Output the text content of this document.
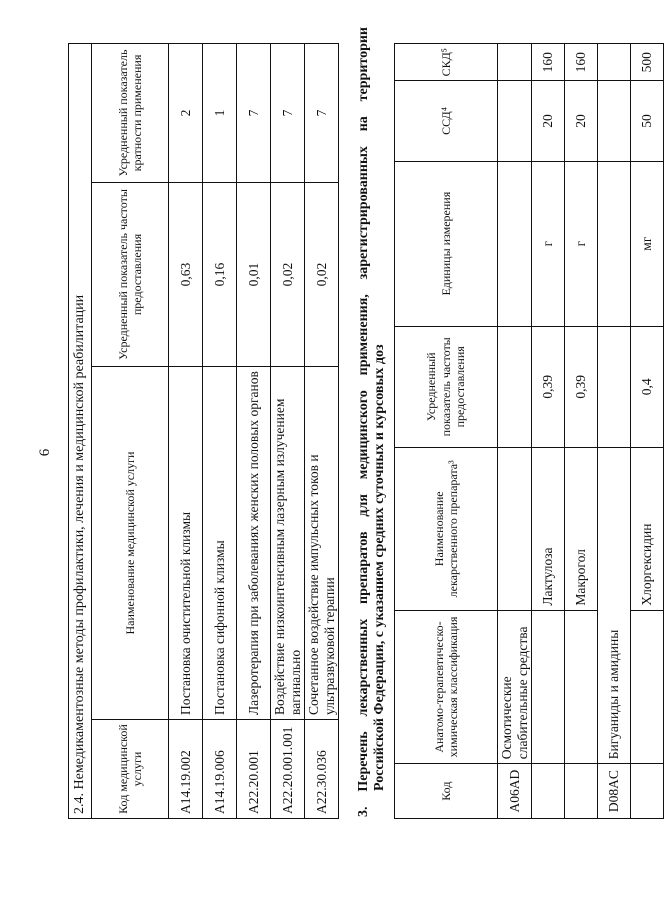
6 2.4. Немедикаментозные методы профилактики, лечения и медицинской реабилитации			
Код медицинской услуги	Наименование медицинской услуги	Усредненный показатель частоты предоставления	Усредненный показатель кратности применения
A14.19.002	Постановка очистительной клизмы	0,63	2
A14.19.006	Постановка сифонной клизмы	0,16	1
A22.20.001	Лазеротерапия при заболеваниях женских половых органов	0,01	7
A22.20.001.001	Воздействие низкоинтенсивным лазерным излучением вагинально	0,02	7
A22.30.036	Сочетанное воздействие импульсных токов и ультразвуковой терапии	0,02	7 3. Перечень лекарственных препаратов для медицинского применения, зарегистрированных на территории Российской Федерации, с указанием средних суточных и курсовых доз
Код	Анатомо-терапевтическо-химическая классификация	Наименование лекарственного препарата³	Усредненный показатель частоты предоставления	Единицы измерения	ССД⁴	СКД⁵
A06AD	Осмотические слабительные средства					
		Лактулоза	0,39	г	20	160
		Макрогол	0,39	г	20	160
D08AC	Бигуаниды и амидины					
		Хлоргексидин	0,4	мг	50	500
